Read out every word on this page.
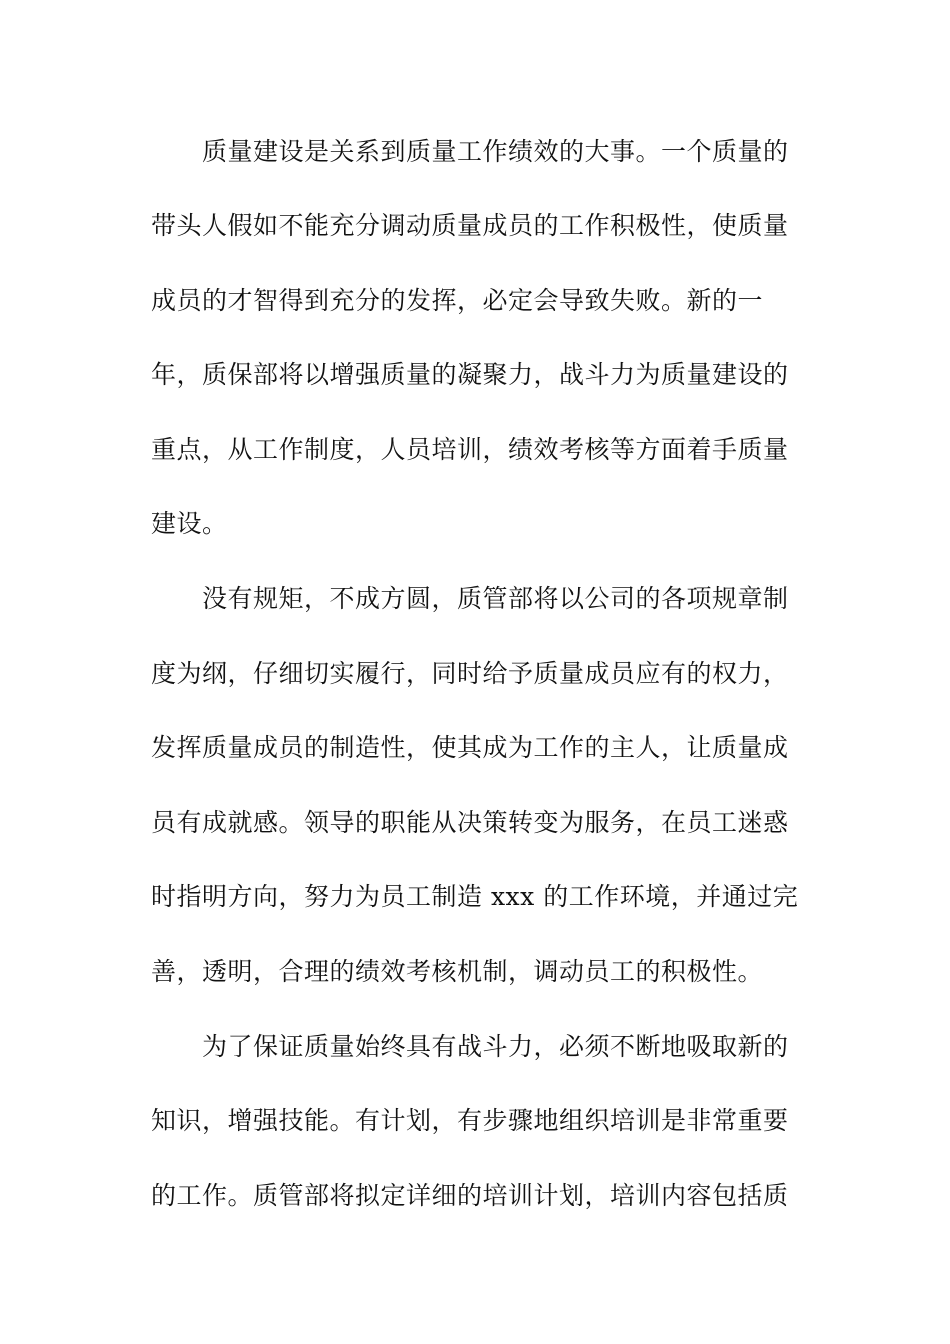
质量建设是关系到质量工作绩效的大事。一个质量的
带头人假如不能充分调动质量成员的工作积极性，使质量
成员的才智得到充分的发挥，必定会导致失败。新的一
年，质保部将以增强质量的凝聚力，战斗力为质量建设的
重点，从工作制度，人员培训，绩效考核等方面着手质量
建设。
没有规矩，不成方圆，质管部将以公司的各项规章制
度为纲，仔细切实履行，同时给予质量成员应有的权力，
发挥质量成员的制造性，使其成为工作的主人，让质量成
员有成就感。领导的职能从决策转变为服务，在员工迷惑
时指明方向，努力为员工制造 xxx 的工作环境，并通过完
善，透明，合理的绩效考核机制，调动员工的积极性。
为了保证质量始终具有战斗力，必须不断地吸取新的
知识，增强技能。有计划，有步骤地组织培训是非常重要
的工作。质管部将拟定详细的培训计划，培训内容包括质
